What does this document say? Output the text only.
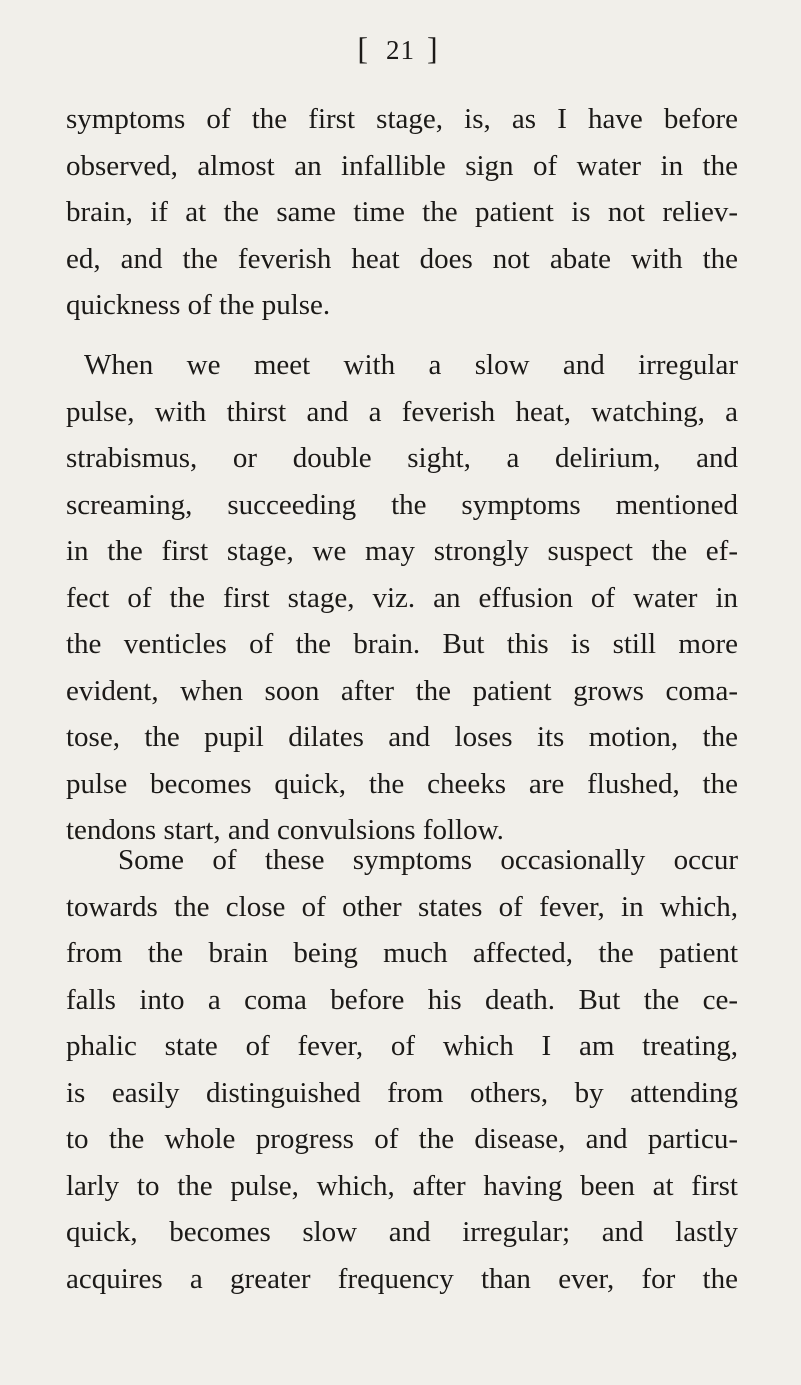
[ 21 ]
symptoms of the first stage, is, as I have before
observed, almost an infallible sign of water in the
brain, if at the same time the patient is not reliev-
ed, and the feverish heat does not abate with the
quickness of the pulse.
When we meet with a slow and irregular
pulse, with thirst and a feverish heat, watching, a
strabismus, or double sight, a delirium, and
screaming, succeeding the symptoms mentioned
in the first stage, we may strongly suspect the ef-
fect of the first stage, viz. an effusion of water in
the venticles of the brain. But this is still more
evident, when soon after the patient grows coma-
tose, the pupil dilates and loses its motion, the
pulse becomes quick, the cheeks are flushed, the
tendons start, and convulsions follow.
Some of these symptoms occasionally occur
towards the close of other states of fever, in which,
from the brain being much affected, the patient
falls into a coma before his death. But the ce-
phalic state of fever, of which I am treating,
is easily distinguished from others, by attending
to the whole progress of the disease, and particu-
larly to the pulse, which, after having been at first
quick, becomes slow and irregular; and lastly
acquires a greater frequency than ever, for the
